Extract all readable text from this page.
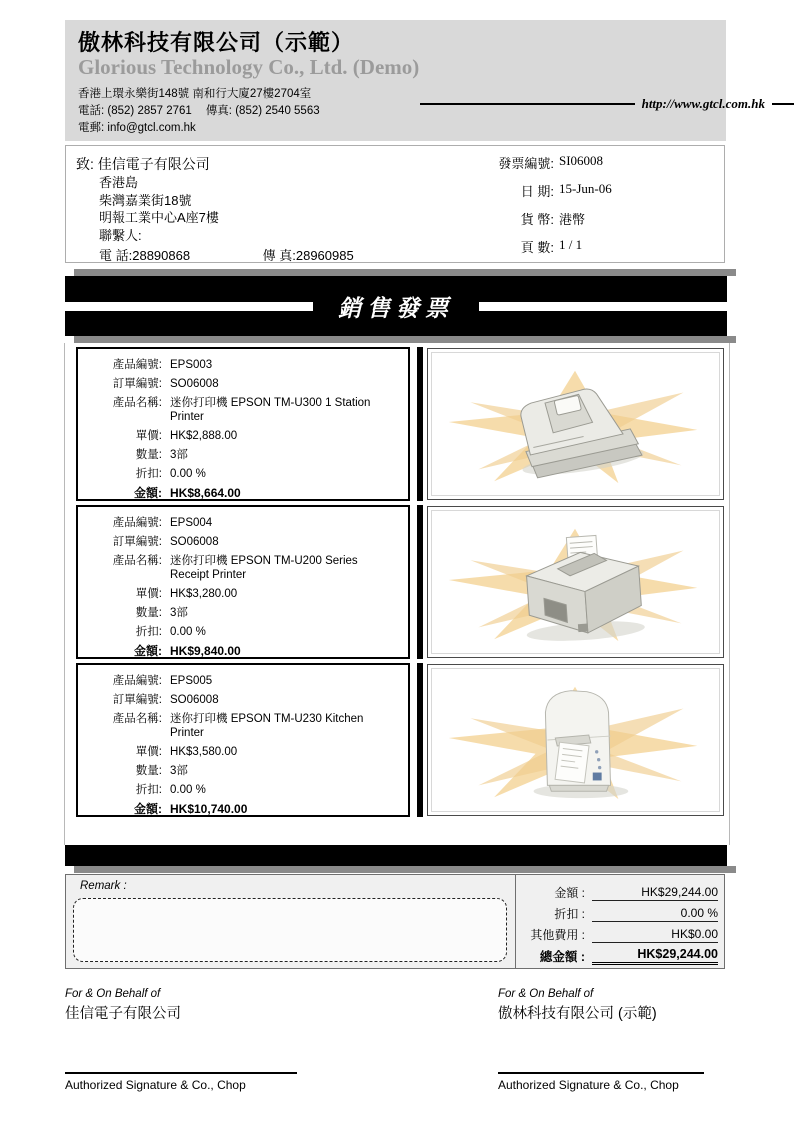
傲林科技有限公司（示範）
Glorious Technology Co., Ltd. (Demo)
http://www.gtcl.com.hk
香港上環永樂街148號 南和行大廈27樓2704室
電話: (852) 2857 2761 傳真: (852) 2540 5563
電郵: info@gtcl.com.hk
致: 佳信電子有限公司
香港島
柴灣嘉業街18號
明報工業中心A座7樓
聯繫人:
電 話:28890868	傳 真:28960985
發票編號: SI06008
日 期: 15-Jun-06
貨 幣: 港幣
頁 數: 1 / 1
銷售發票
產品編號: EPS003
訂單編號: SO06008
產品名稱: 迷你打印機 EPSON TM-U300 1 Station Printer
單價: HK$2,888.00
數量: 3部
折扣: 0.00 %
金額: HK$8,664.00
產品編號: EPS004
訂單編號: SO06008
產品名稱: 迷你打印機 EPSON TM-U200 Series Receipt Printer
單價: HK$3,280.00
數量: 3部
折扣: 0.00 %
金額: HK$9,840.00
產品編號: EPS005
訂單編號: SO06008
產品名稱: 迷你打印機 EPSON TM-U230 Kitchen Printer
單價: HK$3,580.00
數量: 3部
折扣: 0.00 %
金額: HK$10,740.00
Remark :	金額 :	HK$29,244.00
折扣 :	0.00 %
其他費用 :	HK$0.00
總金額 :	HK$29,244.00
For & On Behalf of
佳信電子有限公司
Authorized Signature & Co., Chop
For & On Behalf of
傲林科技有限公司 (示範)
Authorized Signature & Co., Chop
